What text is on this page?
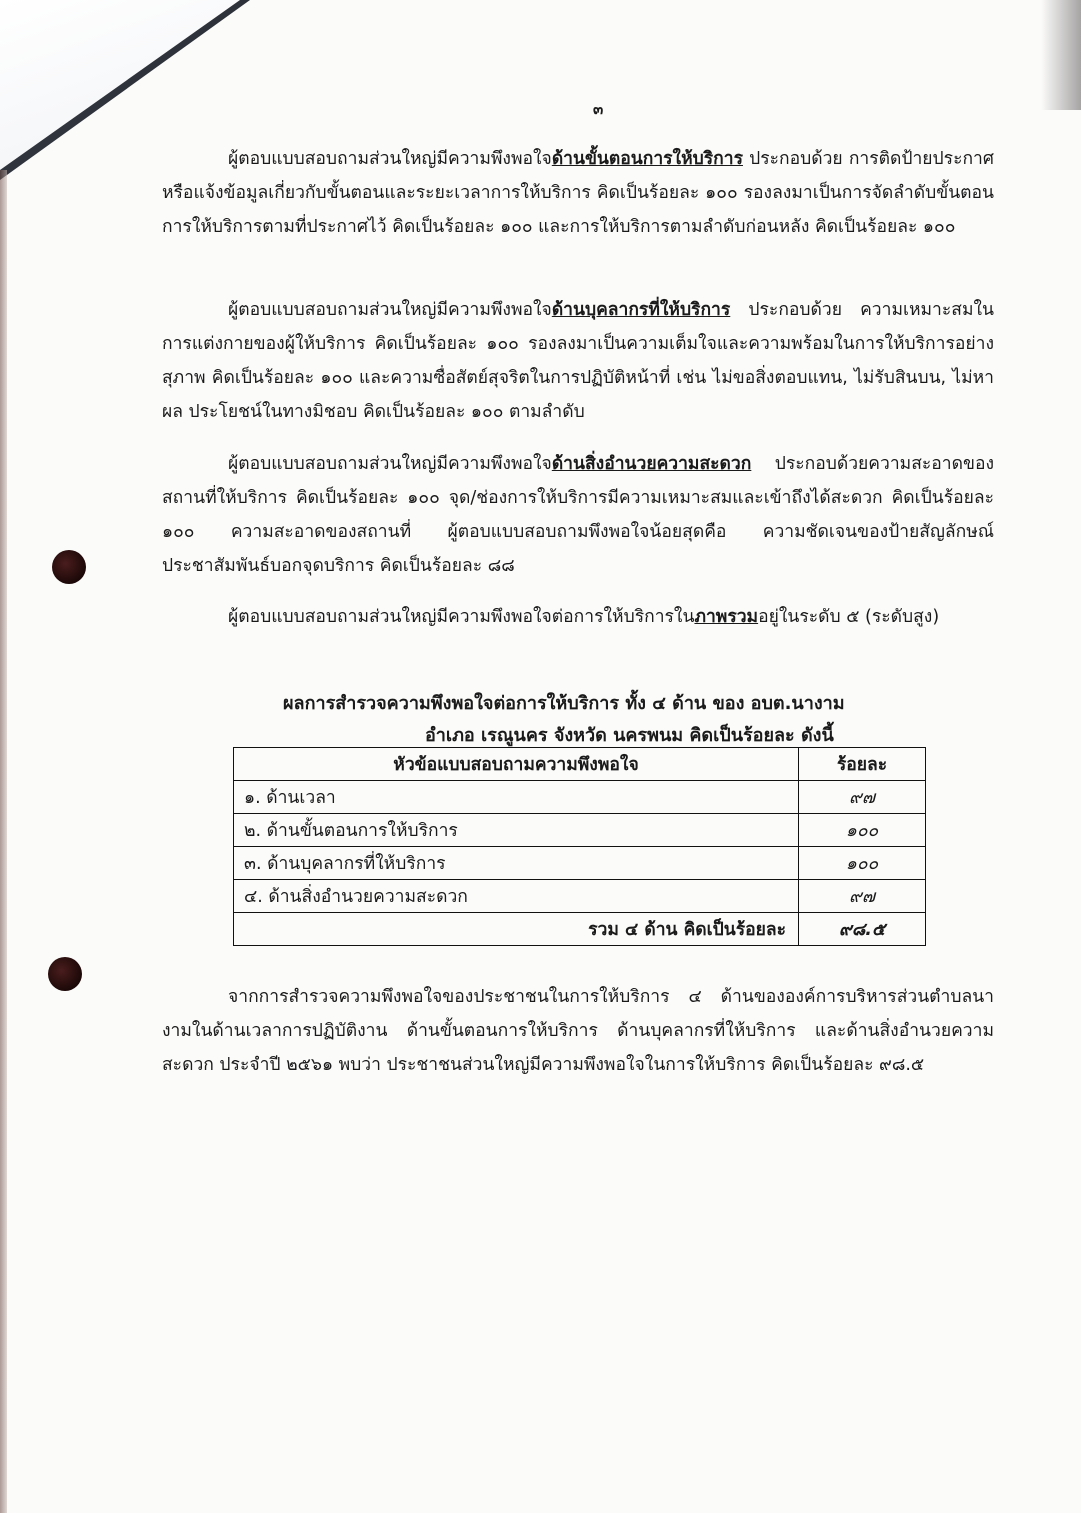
๓

ผู้ตอบแบบสอบถามส่วนใหญ่มีความพึงพอใจด้านขั้นตอนการให้บริการ ประกอบด้วย การติดป้ายประกาศหรือแจ้งข้อมูลเกี่ยวกับขั้นตอนและระยะเวลาการให้บริการ คิดเป็นร้อยละ ๑๐๐ รองลงมาเป็นการจัดลำดับขั้นตอนการให้บริการตามที่ประกาศไว้ คิดเป็นร้อยละ ๑๐๐ และการให้บริการตามลำดับก่อนหลัง คิดเป็นร้อยละ ๑๐๐

ผู้ตอบแบบสอบถามส่วนใหญ่มีความพึงพอใจด้านบุคลากรที่ให้บริการ ประกอบด้วย ความเหมาะสมในการแต่งกายของผู้ให้บริการ คิดเป็นร้อยละ ๑๐๐ รองลงมาเป็นความเต็มใจและความพร้อมในการให้บริการอย่างสุภาพ คิดเป็นร้อยละ ๑๐๐ และความซื่อสัตย์สุจริตในการปฏิบัติหน้าที่ เช่น ไม่ขอสิ่งตอบแทน, ไม่รับสินบน, ไม่หาผล ประโยชน์ในทางมิชอบ คิดเป็นร้อยละ ๑๐๐ ตามลำดับ

ผู้ตอบแบบสอบถามส่วนใหญ่มีความพึงพอใจด้านสิ่งอำนวยความสะดวก ประกอบด้วยความสะอาดของสถานที่ให้บริการ คิดเป็นร้อยละ ๑๐๐ จุด/ช่องการให้บริการมีความเหมาะสมและเข้าถึงได้สะดวก คิดเป็นร้อยละ ๑๐๐ ความสะอาดของสถานที่ ผู้ตอบแบบสอบถามพึงพอใจน้อยสุดคือ ความชัดเจนของป้ายสัญลักษณ์ ประชาสัมพันธ์บอกจุดบริการ คิดเป็นร้อยละ ๘๘

ผู้ตอบแบบสอบถามส่วนใหญ่มีความพึงพอใจต่อการให้บริการในภาพรวมอยู่ในระดับ ๕ (ระดับสูง)

ผลการสำรวจความพึงพอใจต่อการให้บริการ ทั้ง ๔ ด้าน ของ อบต.นางาม
อำเภอ เรณูนคร จังหวัด นครพนม คิดเป็นร้อยละ ดังนี้
หัวข้อแบบสอบถามความพึงพอใจ	ร้อยละ
๑. ด้านเวลา	๙๗
๒. ด้านขั้นตอนการให้บริการ	๑๐๐
๓. ด้านบุคลากรที่ให้บริการ	๑๐๐
๔. ด้านสิ่งอำนวยความสะดวก	๙๗
รวม ๔ ด้าน คิดเป็นร้อยละ	๙๘.๕

จากการสำรวจความพึงพอใจของประชาชนในการให้บริการ ๔ ด้านขององค์การบริหารส่วนตำบลนางามในด้านเวลาการปฏิบัติงาน ด้านขั้นตอนการให้บริการ ด้านบุคลากรที่ให้บริการ และด้านสิ่งอำนวยความสะดวก ประจำปี ๒๕๖๑ พบว่า ประชาชนส่วนใหญ่มีความพึงพอใจในการให้บริการ คิดเป็นร้อยละ ๙๘.๕
